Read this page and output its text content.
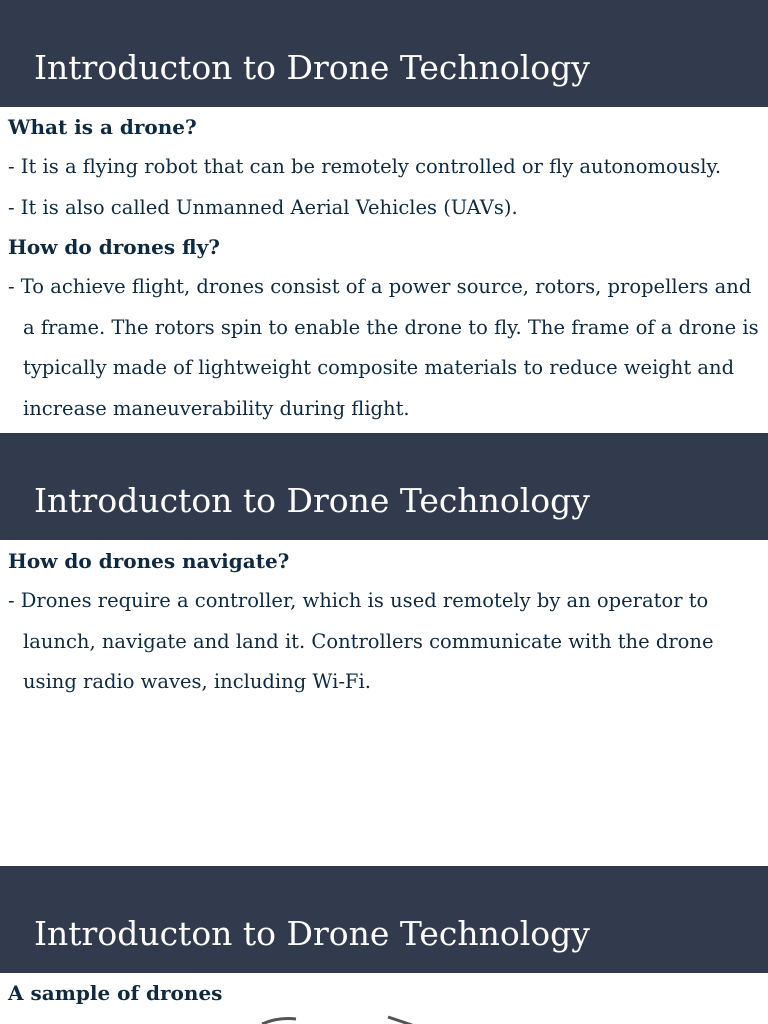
Introducton to Drone Technology
What is a drone?
- It is a flying robot that can be remotely controlled or fly autonomously.
- It is also called Unmanned Aerial Vehicles (UAVs).
How do drones fly?
- To achieve flight, drones consist of a power source, rotors, propellers and a frame. The rotors spin to enable the drone to fly. The frame of a drone is typically made of lightweight composite materials to reduce weight and increase maneuverability during flight.
Introducton to Drone Technology
How do drones navigate?
- Drones require a controller, which is used remotely by an operator to launch, navigate and land it. Controllers communicate with the drone using radio waves, including Wi-Fi.
Introducton to Drone Technology
A sample of drones
